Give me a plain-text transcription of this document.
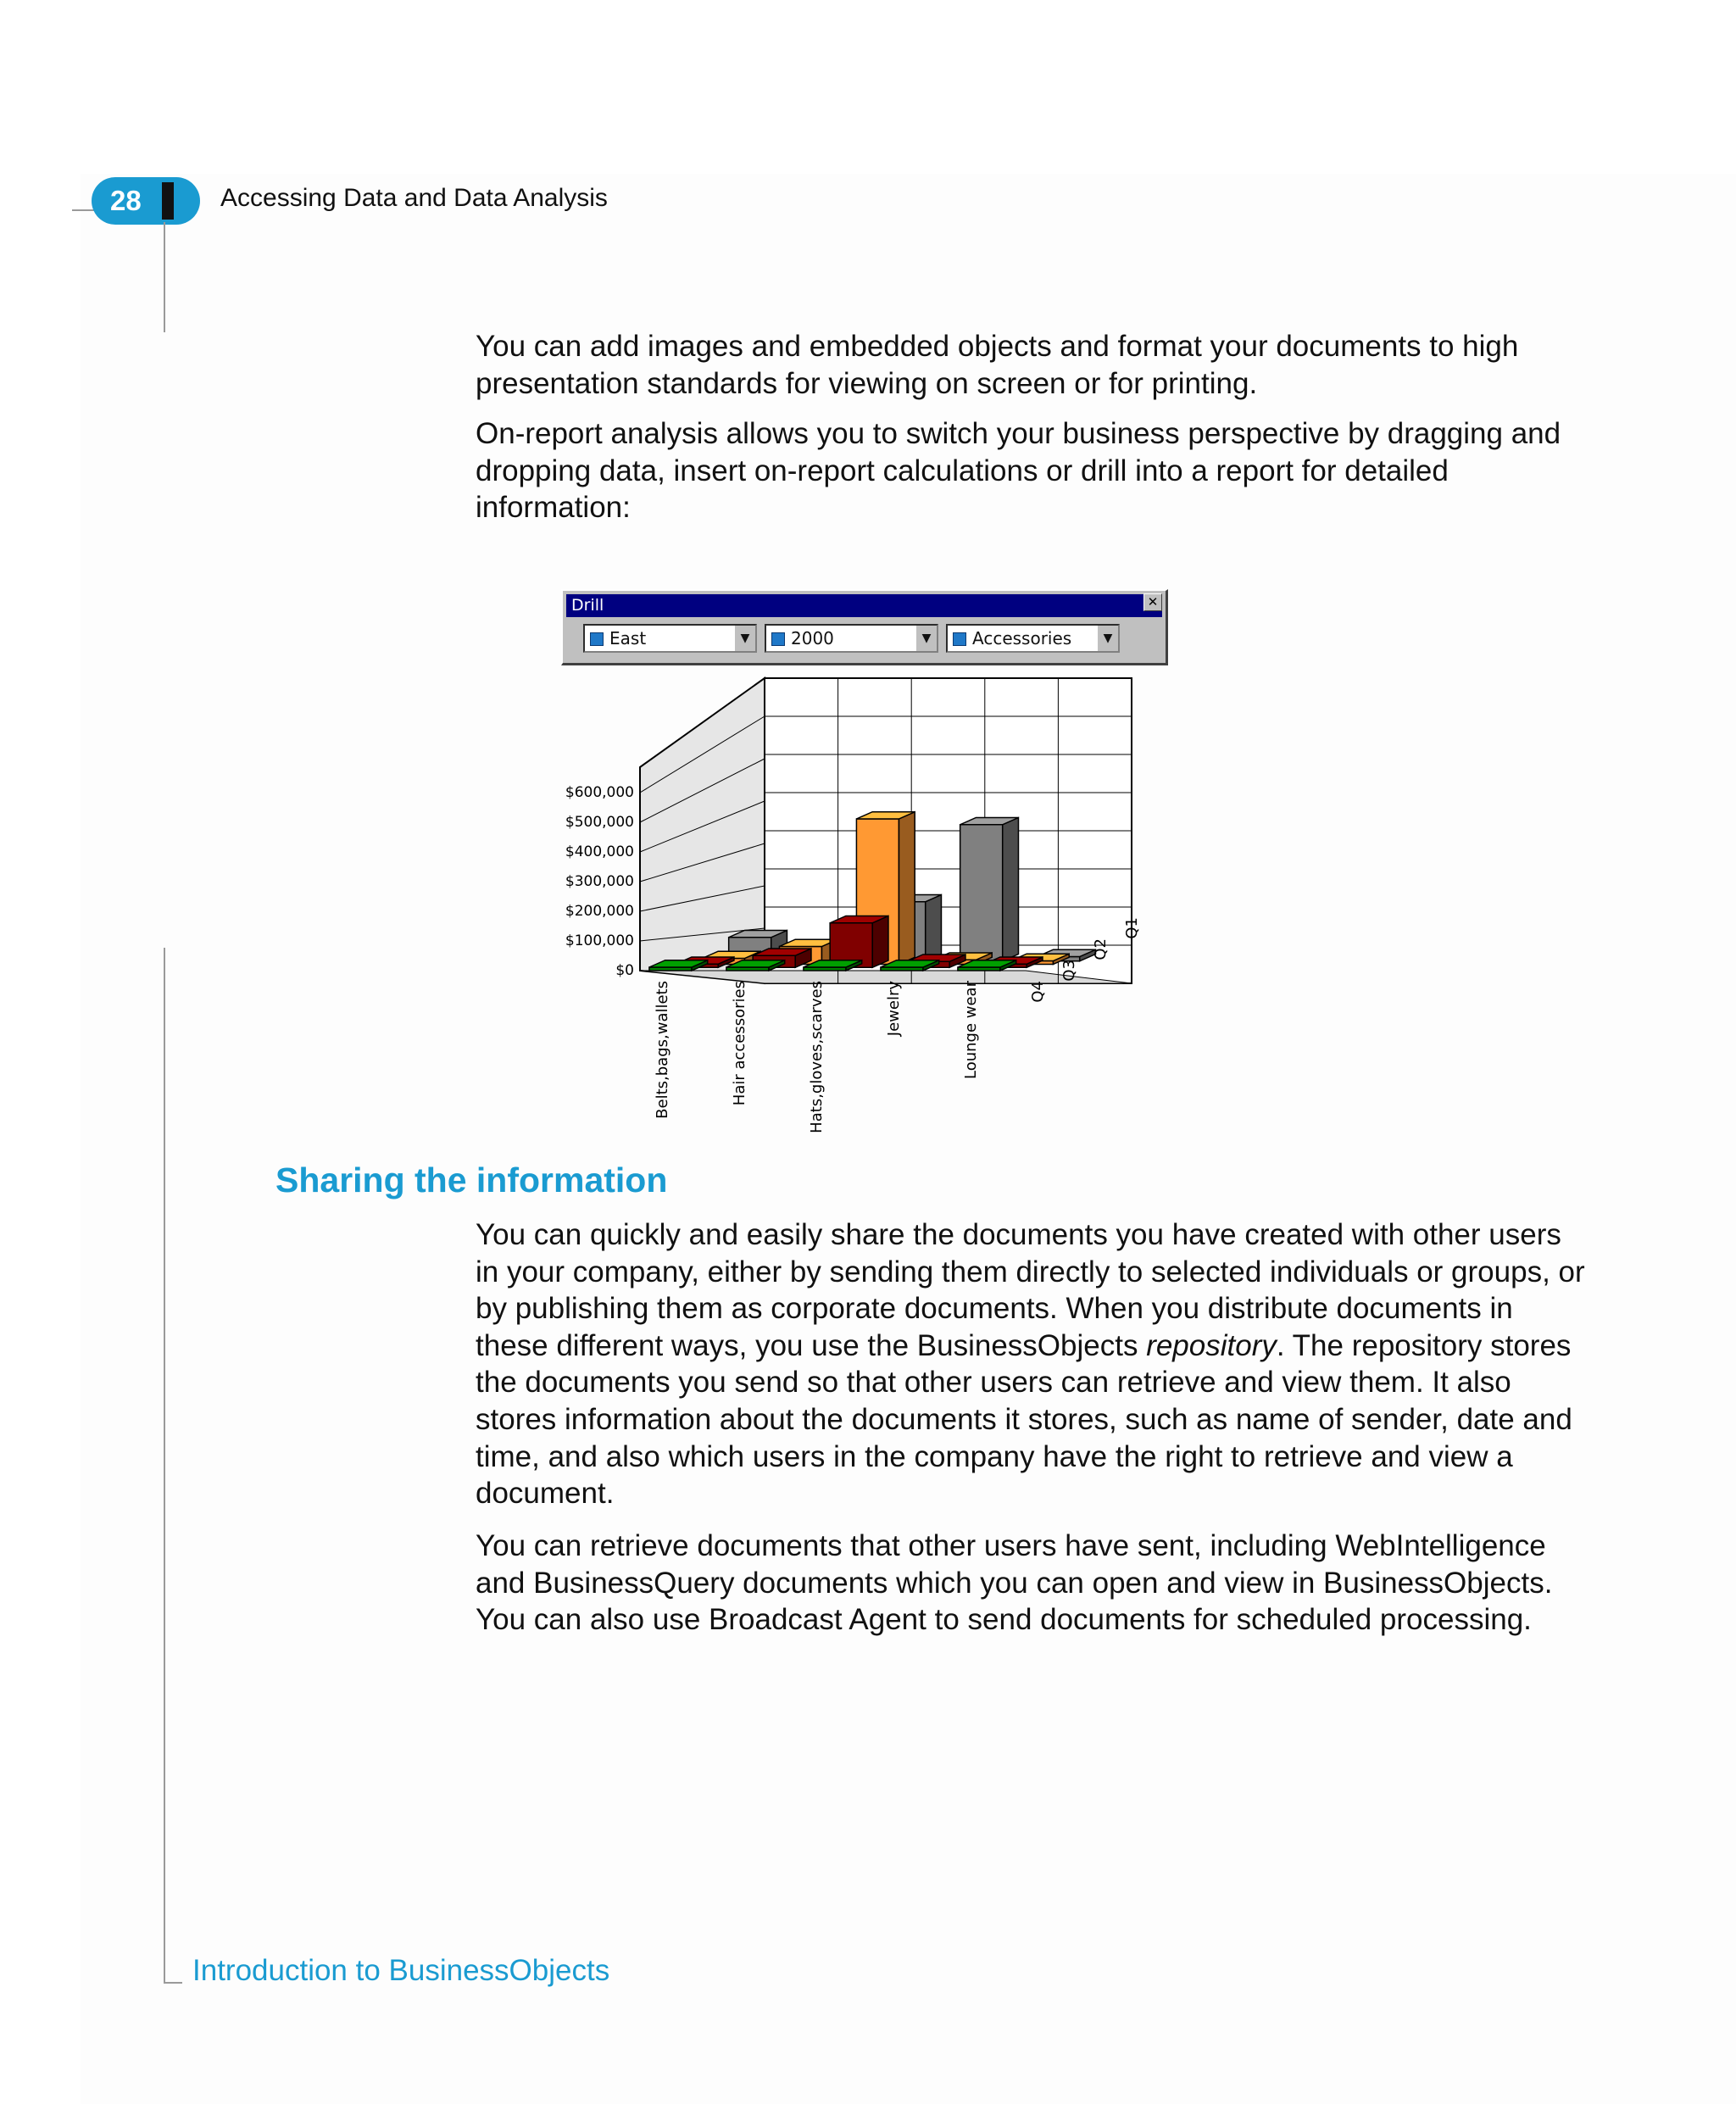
28	Accessing Data and Data Analysis

You can add images and embedded objects and format your documents to high presentation standards for viewing on screen or for printing.

On-report analysis allows you to switch your business perspective by dragging and dropping data, insert on-report calculations or drill into a report for detailed information:

Drill	✕
East	▼	2000	▼	Accessories	▼
$0
$100,000
$200,000
$300,000
$400,000
$500,000
$600,000
Belts,bags,wallets	Hair accessories	Hats,gloves,scarves	Jewelry	Lounge wear	Q4
Q3
Q2
Q1
Sharing the information

You can quickly and easily share the documents you have created with other users in your company, either by sending them directly to selected individuals or groups, or by publishing them as corporate documents. When you distribute documents in these different ways, you use the BusinessObjects repository. The repository stores the documents you send so that other users can retrieve and view them. It also stores information about the documents it stores, such as name of sender, date and time, and also which users in the company have the right to retrieve and view a document.

You can retrieve documents that other users have sent, including WebIntelligence and BusinessQuery documents which you can open and view in BusinessObjects. You can also use Broadcast Agent to send documents for scheduled processing.

Introduction to BusinessObjects
